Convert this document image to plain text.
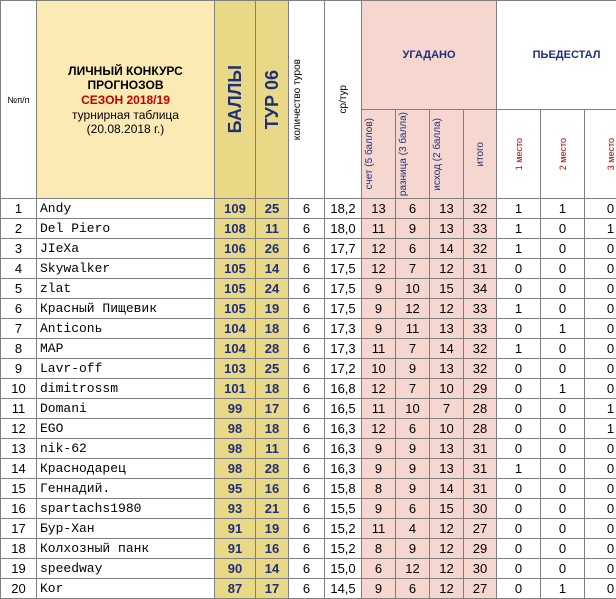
№п/п	ЛИЧНЫЙ КОНКУРС
ПРОГНОЗОВ
СЕЗОН 2018/19
турнирная таблица
(20.08.2018 г.)	БАЛЛЫ	ТУР 06	количество туров	ср/тур	УГАДАНО				ПЬЕДЕСТАЛ		

						счет (5 баллов)	разница (3 балла)	исход (2 балла)	итого	1 место	2 место	3 место

1	Andy	109	25	6	18,2	13	6	13	32	1	1	0
2	Del Piero	108	11	6	18,0	11	9	13	33	1	0	1
3	JIeXa	106	26	6	17,7	12	6	14	32	1	0	0
4	Skywalker	105	14	6	17,5	12	7	12	31	0	0	0
5	zlat	105	24	6	17,5	9	10	15	34	0	0	0
6	Красный Пищевик	105	19	6	17,5	9	12	12	33	1	0	0
7	Anticonь	104	18	6	17,3	9	11	13	33	0	1	0
8	MAP	104	28	6	17,3	11	7	14	32	1	0	0
9	Lavr-off	103	25	6	17,2	10	9	13	32	0	0	0
10	dimitrossm	101	18	6	16,8	12	7	10	29	0	1	0
11	Domani	99	17	6	16,5	11	10	7	28	0	0	1
12	EGO	98	18	6	16,3	12	6	10	28	0	0	1
13	nik-62	98	11	6	16,3	9	9	13	31	0	0	0
14	Краснодарец	98	28	6	16,3	9	9	13	31	1	0	0
15	Геннадий.	95	16	6	15,8	8	9	14	31	0	0	0
16	spartachs1980	93	21	6	15,5	9	6	15	30	0	0	0
17	Бур-Хан	91	19	6	15,2	11	4	12	27	0	0	0
18	Колхозный панк	91	16	6	15,2	8	9	12	29	0	0	0
19	speedway	90	14	6	15,0	6	12	12	30	0	0	0
20	Kor	87	17	6	14,5	9	6	12	27	0	1	0
